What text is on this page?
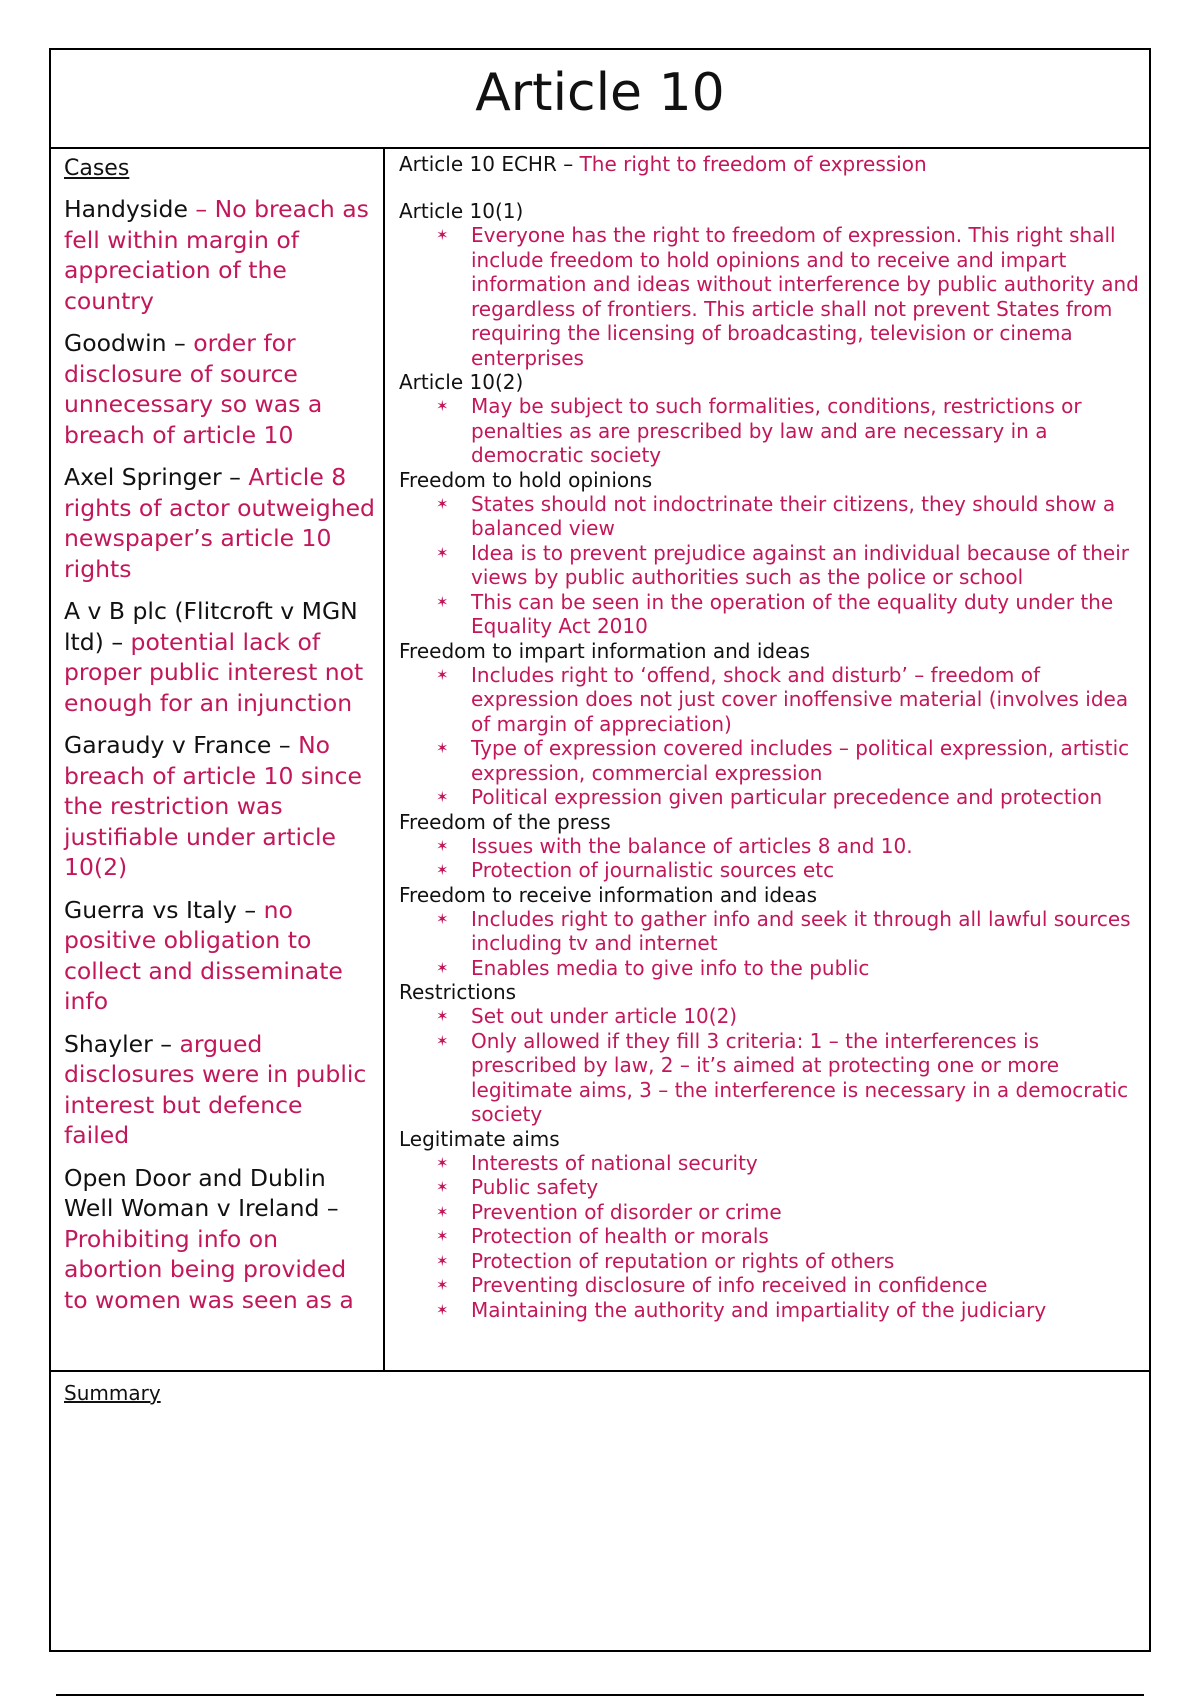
Article 10
Cases
Handyside – No breach as fell within margin of appreciation of the country
Goodwin – order for disclosure of source unnecessary so was a breach of article 10
Axel Springer – Article 8 rights of actor outweighed newspaper’s article 10 rights
A v B plc (Flitcroft v MGN ltd) – potential lack of proper public interest not enough for an injunction
Garaudy v France – No breach of article 10 since the restriction was justifiable under article 10(2)
Guerra vs Italy – no positive obligation to collect and disseminate info
Shayler – argued disclosures were in public interest but defence failed
Open Door and Dublin Well Woman v Ireland – Prohibiting info on abortion being provided to women was seen as a
Article 10 ECHR – The right to freedom of expression
Article 10(1)
✶ Everyone has the right to freedom of expression. This right shall include freedom to hold opinions and to receive and impart information and ideas without interference by public authority and regardless of frontiers. This article shall not prevent States from requiring the licensing of broadcasting, television or cinema enterprises
Article 10(2)
✶ May be subject to such formalities, conditions, restrictions or penalties as are prescribed by law and are necessary in a democratic society
Freedom to hold opinions
✶ States should not indoctrinate their citizens, they should show a balanced view
✶ Idea is to prevent prejudice against an individual because of their views by public authorities such as the police or school
✶ This can be seen in the operation of the equality duty under the Equality Act 2010
Freedom to impart information and ideas
✶ Includes right to ‘offend, shock and disturb’ – freedom of expression does not just cover inoffensive material (involves idea of margin of appreciation)
✶ Type of expression covered includes – political expression, artistic expression, commercial expression
✶ Political expression given particular precedence and protection
Freedom of the press
✶ Issues with the balance of articles 8 and 10.
✶ Protection of journalistic sources etc
Freedom to receive information and ideas
✶ Includes right to gather info and seek it through all lawful sources including tv and internet
✶ Enables media to give info to the public
Restrictions
✶ Set out under article 10(2)
✶ Only allowed if they fill 3 criteria: 1 – the interferences is prescribed by law, 2 – it’s aimed at protecting one or more legitimate aims, 3 – the interference is necessary in a democratic society
Legitimate aims
✶ Interests of national security
✶ Public safety
✶ Prevention of disorder or crime
✶ Protection of health or morals
✶ Protection of reputation or rights of others
✶ Preventing disclosure of info received in confidence
✶ Maintaining the authority and impartiality of the judiciary
Summary
